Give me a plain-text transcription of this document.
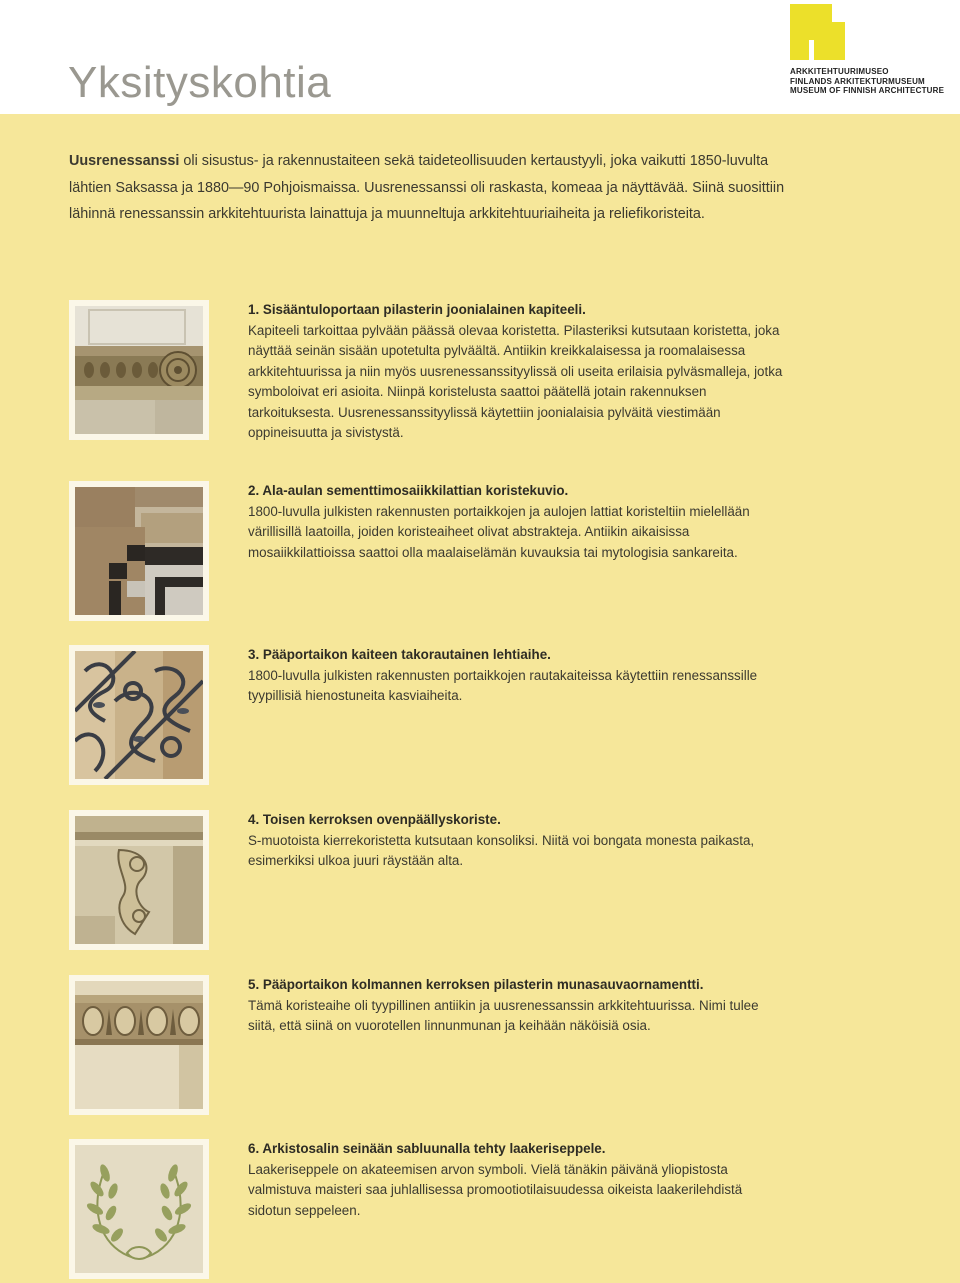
Yksityskohtia	ARKKITEHTUURIMUSEO
FINLANDS ARKITEKTURMUSEUM
MUSEUM OF FINNISH ARCHITECTURE

Uusrenessanssi oli sisustus- ja rakennustaiteen sekä taideteollisuuden kertaustyyli, joka vaikutti 1850-luvulta lähtien Saksassa ja 1880—90 Pohjoismaissa. Uusrenessanssi oli raskasta, komeaa ja näyttävää. Siinä suosittiin lähinnä renessanssin arkkitehtuurista lainattuja ja muunneltuja arkkitehtuuriaiheita ja reliefikoristeita.

1. Sisääntuloportaan pilasterin joonialainen kapiteeli.

Kapiteeli tarkoittaa pylvään päässä olevaa koristetta. Pilasteriksi kutsutaan koristetta, joka näyttää seinän sisään upotetulta pylväältä. Antiikin kreikkalaisessa ja roomalaisessa arkkitehtuurissa ja niin myös uusrenessanssityylissä oli useita erilaisia pylväsmalleja, jotka symboloivat eri asioita. Niinpä koristelusta saattoi päätellä jotain rakennuksen tarkoituksesta. Uusrenessanssityylissä käytettiin joonialaisia pylväitä viestimään oppineisuutta ja sivistystä.

2. Ala-aulan sementtimosaiikkilattian koristekuvio.

1800-luvulla julkisten rakennusten portaikkojen ja aulojen lattiat koristeltiin mielellään värillisillä laatoilla, joiden koristeaiheet olivat abstrakteja. Antiikin aikaisissa mosaiikkilattioissa saattoi olla maalaiselämän kuvauksia tai mytologisia sankareita.

3. Pääportaikon kaiteen takorautainen lehtiaihe.

1800-luvulla julkisten rakennusten portaikkojen rautakaiteissa käytettiin renessanssille tyypillisiä hienostuneita kasviaiheita.

4. Toisen kerroksen ovenpäällyskoriste.

S-muotoista kierrekoristetta kutsutaan konsoliksi. Niitä voi bongata monesta paikasta, esimerkiksi ulkoa juuri räystään alta.

5. Pääportaikon kolmannen kerroksen pilasterin munasauvaornamentti.

Tämä koristeaihe oli tyypillinen antiikin ja uusrenessanssin arkkitehtuurissa. Nimi tulee siitä, että siinä on vuorotellen linnunmunan ja keihään näköisiä osia.

6. Arkistosalin seinään sabluunalla tehty laakeriseppele.

Laakeriseppele on akateemisen arvon symboli. Vielä tänäkin päivänä yliopistosta valmistuva maisteri saa juhlallisessa promootiotilaisuudessa oikeista laakerilehdistä sidotun seppeleen.
